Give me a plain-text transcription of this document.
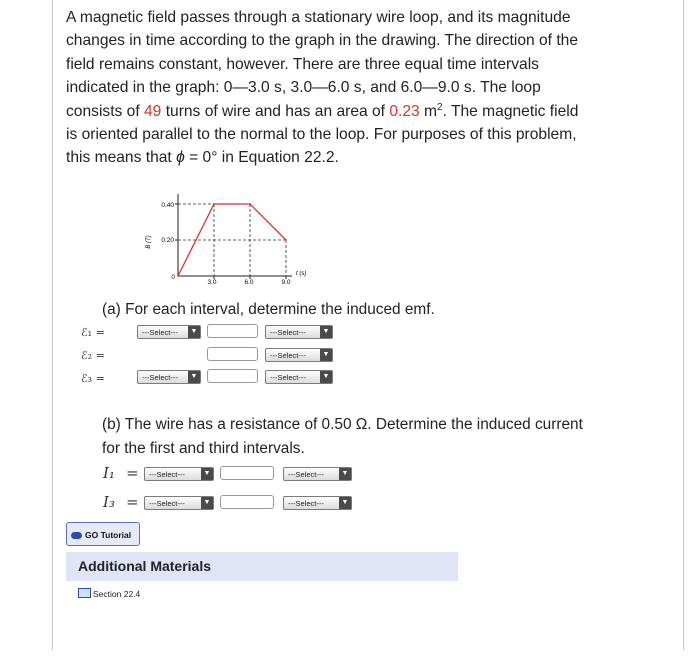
A magnetic field passes through a stationary wire loop, and its magnitude
changes in time according to the graph in the drawing. The direction of the
field remains constant, however. There are three equal time intervals
indicated in the graph: 0—3.0 s, 3.0—6.0 s, and 6.0—9.0 s. The loop
consists of 49 turns of wire and has an area of 0.23 $m^2$. The magnetic field
is oriented parallel to the normal to the loop. For purposes of this problem,
this means that ϕ = 0° in Equation 22.2.
0.40
0.20
0
3.0	6.0	9.0
B (T)
t (s)
(a) For each interval, determine the induced emf.
ℰ₁ =	---Select---	▼	---Select---	▼
ℰ₂ =	---Select---	▼
ℰ₃ =	---Select---	▼	---Select---	▼
(b) The wire has a resistance of 0.50 Ω. Determine the induced current
for the first and third intervals.
I₁ =	---Select---	▼	---Select---	▼
I₃ =	---Select---	▼	---Select---	▼
GO Tutorial
Additional Materials
Section 22.4
